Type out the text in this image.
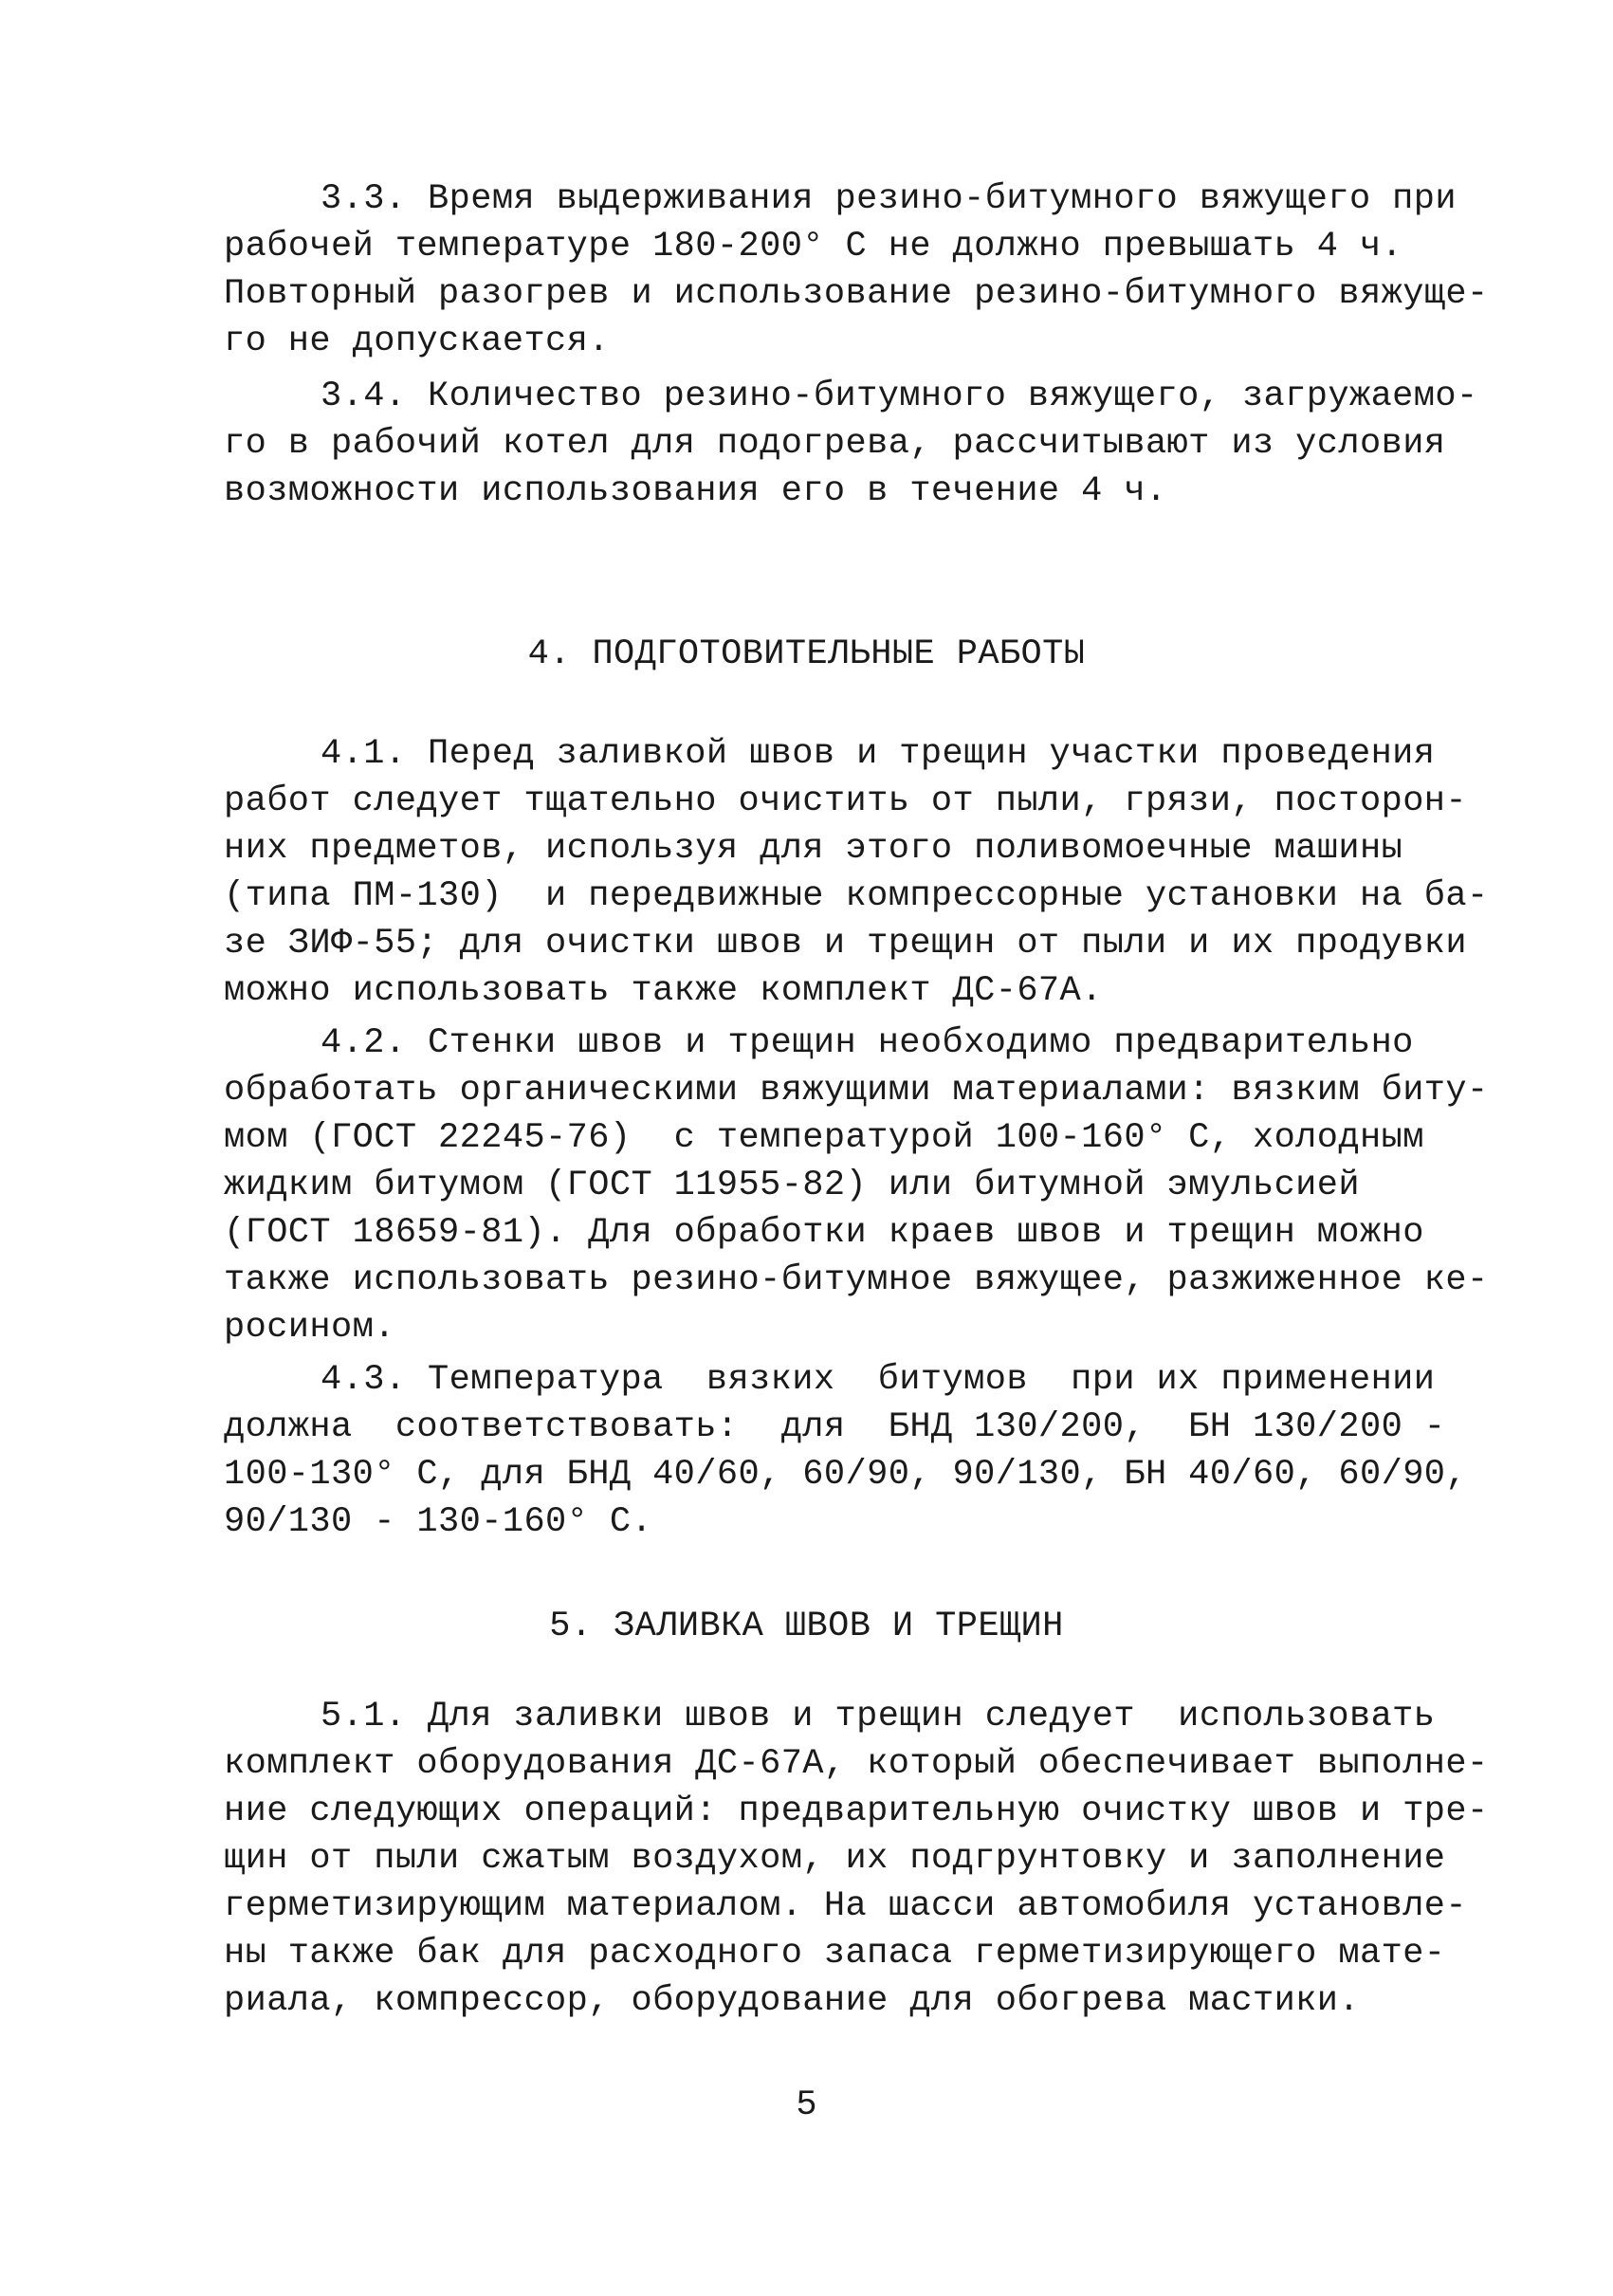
3.3. Время выдерживания резино-битумного вяжущего при
рабочей температуре 180-200° С не должно превышать 4 ч.
Повторный разогрев и использование резино-битумного вяжуще-
го не допускается.
3.4. Количество резино-битумного вяжущего, загружаемо-
го в рабочий котел для подогрева, рассчитывают из условия
возможности использования его в течение 4 ч.
4. ПОДГОТОВИТЕЛЬНЫЕ РАБОТЫ
4.1. Перед заливкой швов и трещин участки проведения
работ следует тщательно очистить от пыли, грязи, посторон-
них предметов, используя для этого поливомоечные машины
(типа ПМ-130)  и передвижные компрессорные установки на ба-
зе ЗИФ-55; для очистки швов и трещин от пыли и их продувки
можно использовать также комплект ДС-67А.
4.2. Стенки швов и трещин необходимо предварительно
обработать органическими вяжущими материалами: вязким биту-
мом (ГОСТ 22245-76)  с температурой 100-160° С, холодным
жидким битумом (ГОСТ 11955-82) или битумной эмульсией
(ГОСТ 18659-81). Для обработки краев швов и трещин можно
также использовать резино-битумное вяжущее, разжиженное ке-
росином.
4.3. Температура  вязких  битумов  при их применении
должна  соответствовать:  для  БНД 130/200,  БН 130/200 -
100-130° С, для БНД 40/60, 60/90, 90/130, БН 40/60, 60/90,
90/130 - 130-160° С.
5. ЗАЛИВКА ШВОВ И ТРЕЩИН
5.1. Для заливки швов и трещин следует  использовать
комплект оборудования ДС-67А, который обеспечивает выполне-
ние следующих операций: предварительную очистку швов и тре-
щин от пыли сжатым воздухом, их подгрунтовку и заполнение
герметизирующим материалом. На шасси автомобиля установле-
ны также бак для расходного запаса герметизирующего мате-
риала, компрессор, оборудование для обогрева мастики.
5
